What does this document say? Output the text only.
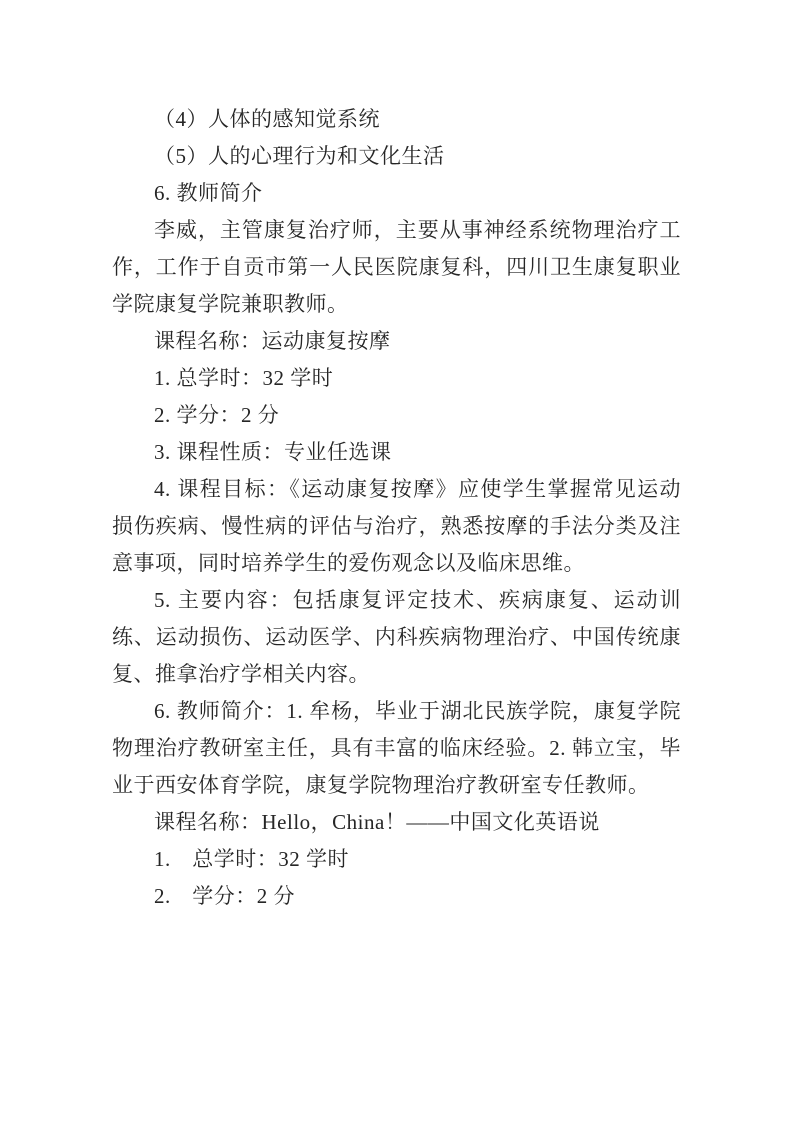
（4）人体的感知觉系统

（5）人的心理行为和文化生活

6. 教师简介

李威，主管康复治疗师，主要从事神经系统物理治疗工作，工作于自贡市第一人民医院康复科，四川卫生康复职业学院康复学院兼职教师。

课程名称：运动康复按摩

1. 总学时：32 学时

2. 学分：2 分

3. 课程性质：专业任选课

4. 课程目标：《运动康复按摩》应使学生掌握常见运动损伤疾病、慢性病的评估与治疗，熟悉按摩的手法分类及注意事项，同时培养学生的爱伤观念以及临床思维。

5. 主要内容：包括康复评定技术、疾病康复、运动训练、运动损伤、运动医学、内科疾病物理治疗、中国传统康复、推拿治疗学相关内容。

6. 教师简介：1. 牟杨，毕业于湖北民族学院，康复学院物理治疗教研室主任，具有丰富的临床经验。2. 韩立宝，毕业于西安体育学院，康复学院物理治疗教研室专任教师。

课程名称：Hello，China！——中国文化英语说

1.　总学时：32 学时

2.　学分：2 分
